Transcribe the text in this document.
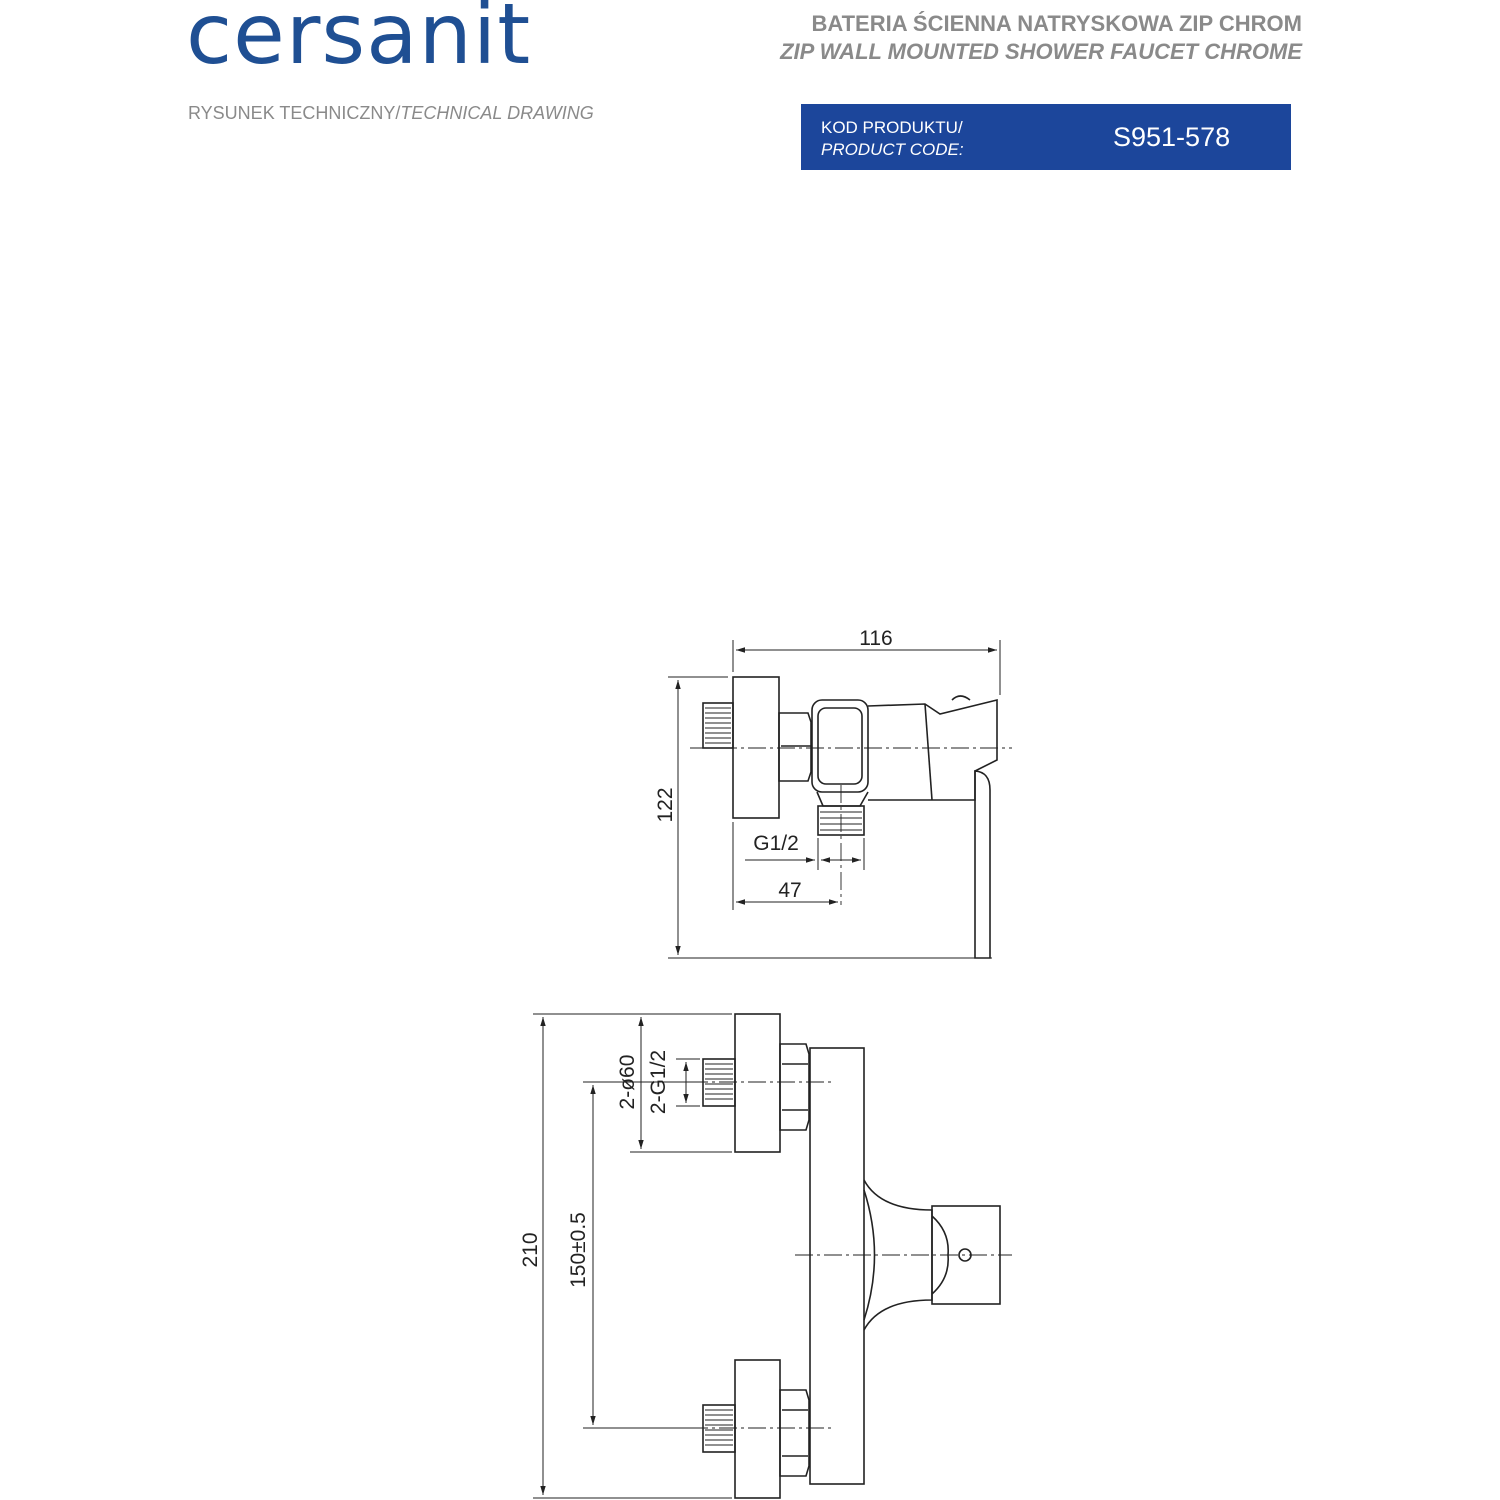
cersanit
RYSUNEK TECHNICZNY/TECHNICAL DRAWING
BATERIA ŚCIENNA NATRYSKOWA ZIP CHROM
ZIP WALL MOUNTED SHOWER FAUCET CHROME
KOD PRODUKTU/
PRODUCT CODE:	S951-578
116
122
G1/2
47
210 150±0.5
2-ø60 2-G1/2
